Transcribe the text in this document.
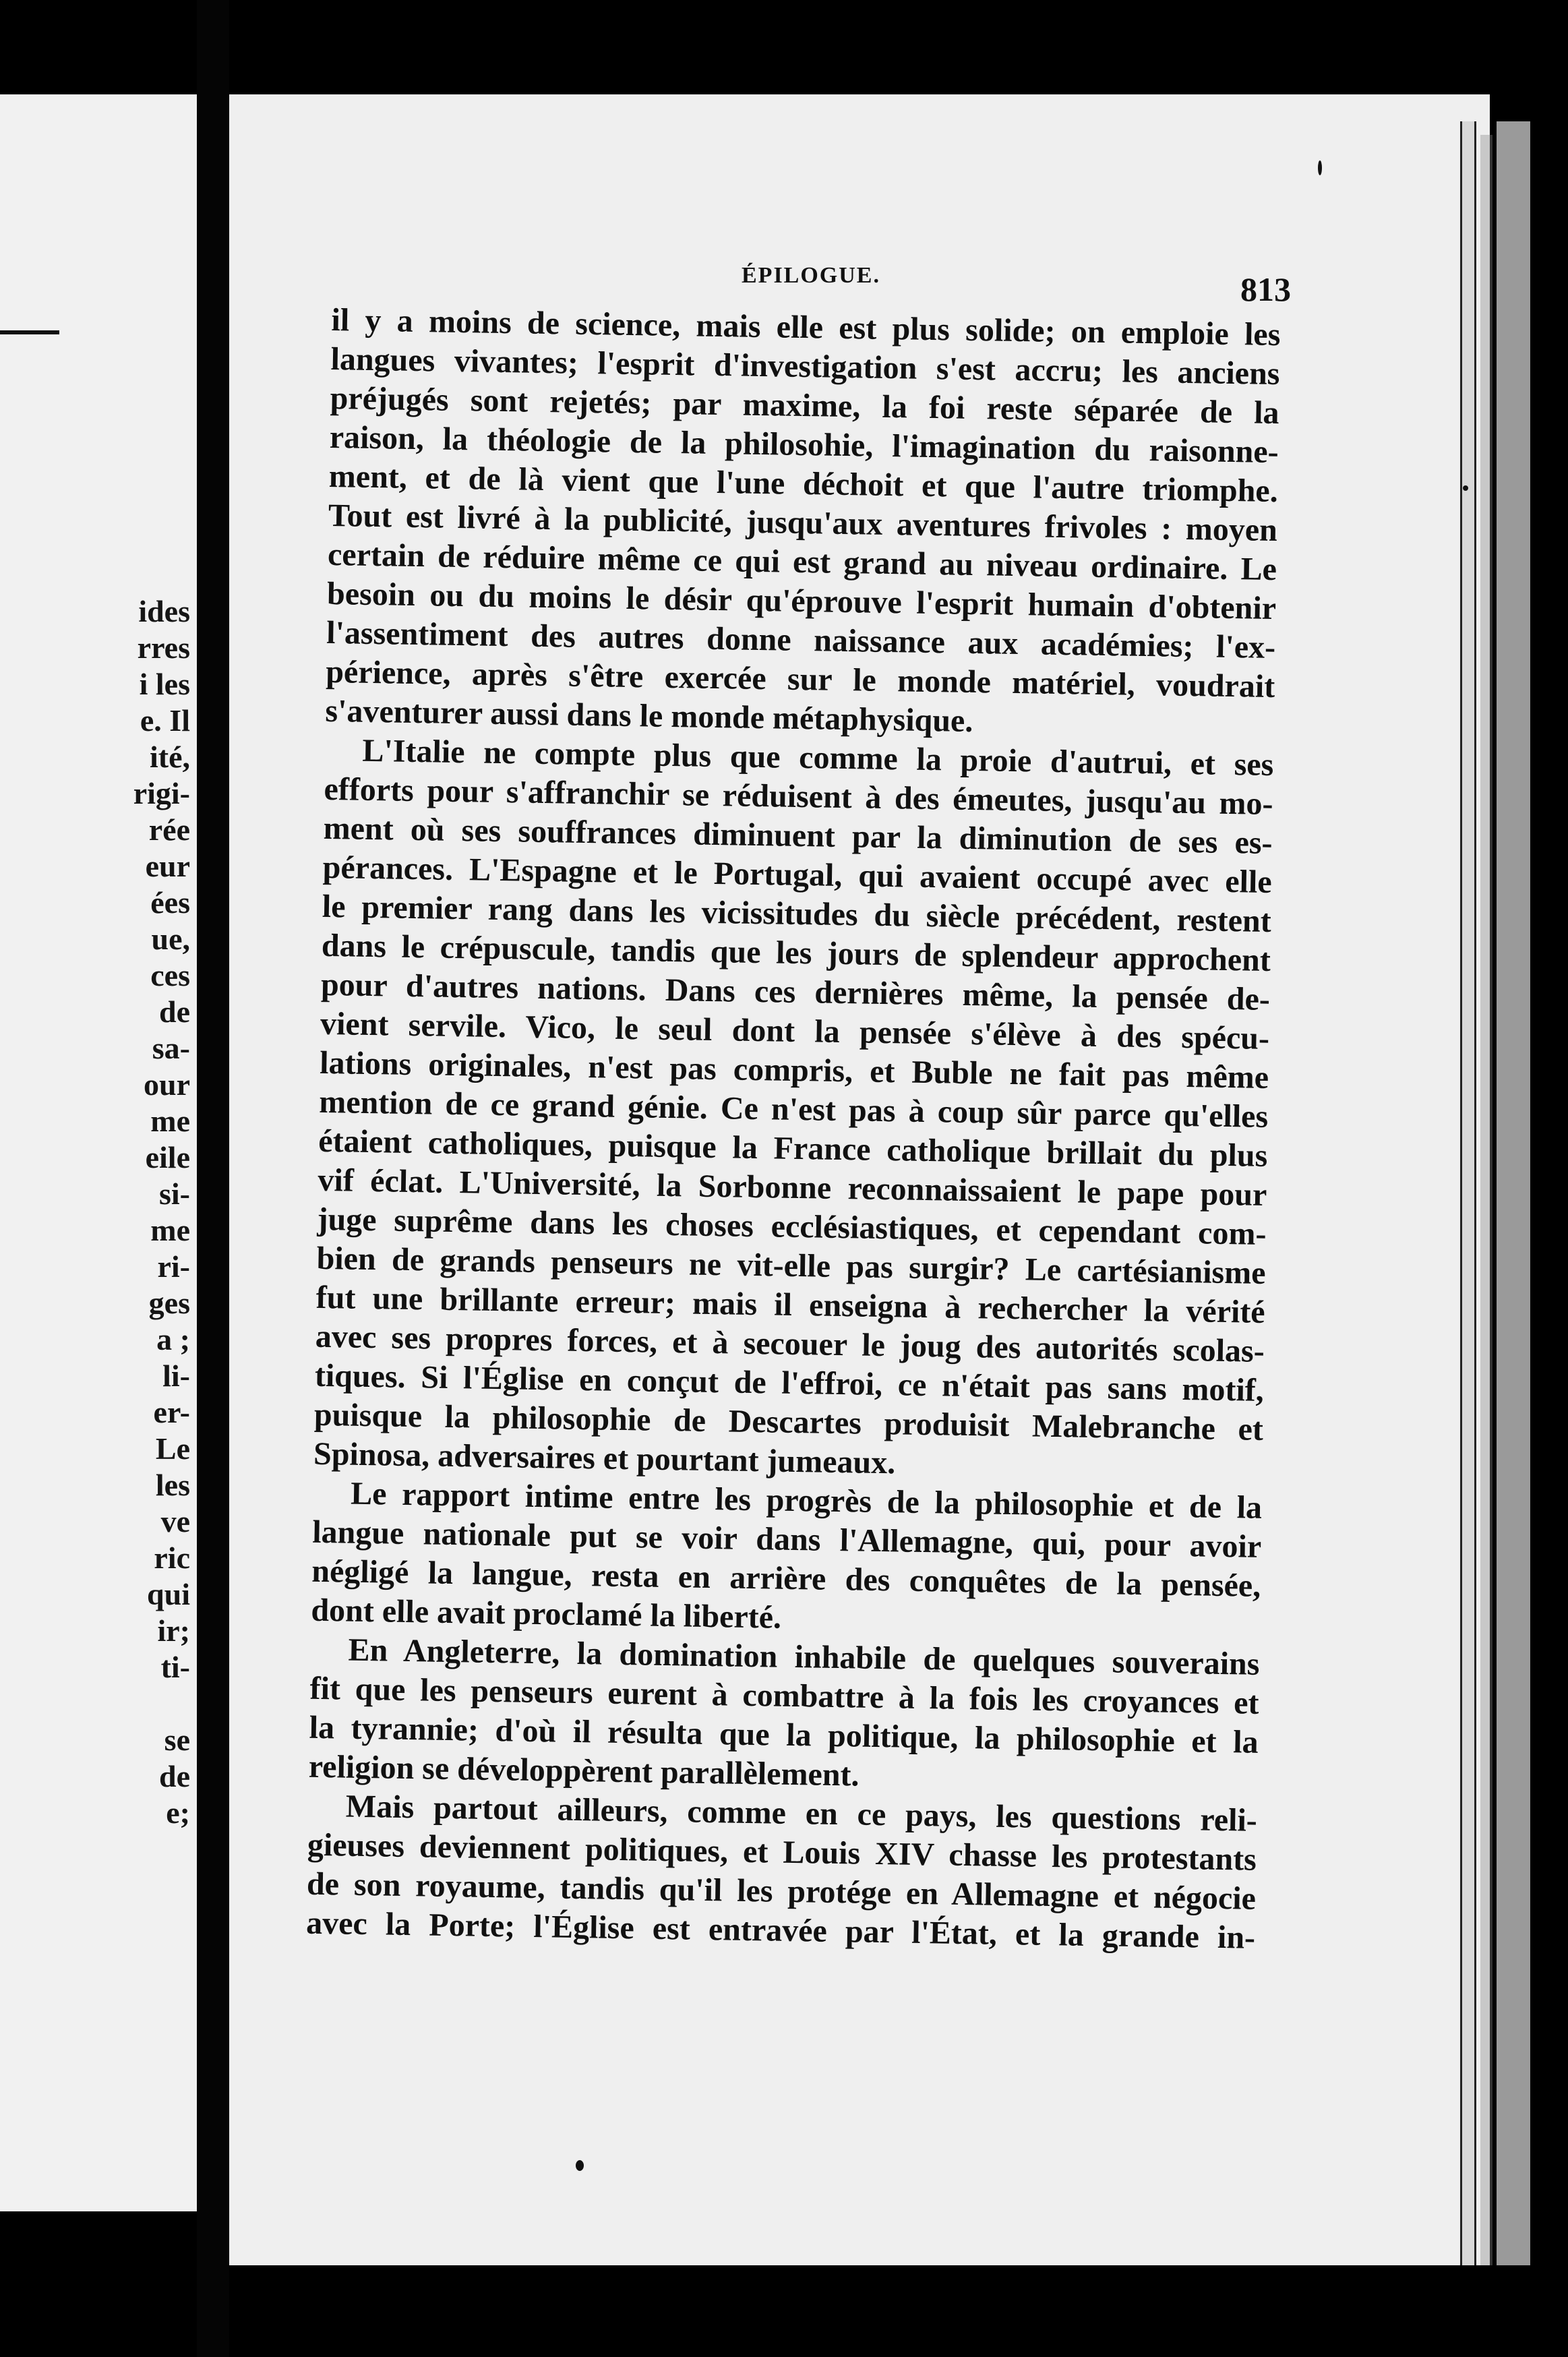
ides
rres
i les
e. Il
ité,
rigi-
rée
eur
ées
ue,
ces
de
sa-
our
me
eile
si-
me
ri-
ges
a ;
li-
er-
Le
les
ve
ric
qui
ir;
ti-
se
de
e;
ÉPILOGUE.	813
il y a moins de science, mais elle est plus solide; on emploie les
langues vivantes; l'esprit d'investigation s'est accru; les anciens
préjugés sont rejetés; par maxime, la foi reste séparée de la
raison, la théologie de la philosohie, l'imagination du raisonne-
ment, et de là vient que l'une déchoit et que l'autre triomphe.
Tout est livré à la publicité, jusqu'aux aventures frivoles : moyen
certain de réduire même ce qui est grand au niveau ordinaire. Le
besoin ou du moins le désir qu'éprouve l'esprit humain d'obtenir
l'assentiment des autres donne naissance aux académies; l'ex-
périence, après s'être exercée sur le monde matériel, voudrait
s'aventurer aussi dans le monde métaphysique.
L'Italie ne compte plus que comme la proie d'autrui, et ses
efforts pour s'affranchir se réduisent à des émeutes, jusqu'au mo-
ment où ses souffrances diminuent par la diminution de ses es-
pérances. L'Espagne et le Portugal, qui avaient occupé avec elle
le premier rang dans les vicissitudes du siècle précédent, restent
dans le crépuscule, tandis que les jours de splendeur approchent
pour d'autres nations. Dans ces dernières même, la pensée de-
vient servile. Vico, le seul dont la pensée s'élève à des spécu-
lations originales, n'est pas compris, et Buble ne fait pas même
mention de ce grand génie. Ce n'est pas à coup sûr parce qu'elles
étaient catholiques, puisque la France catholique brillait du plus
vif éclat. L'Université, la Sorbonne reconnaissaient le pape pour
juge suprême dans les choses ecclésiastiques, et cependant com-
bien de grands penseurs ne vit-elle pas surgir? Le cartésianisme
fut une brillante erreur; mais il enseigna à rechercher la vérité
avec ses propres forces, et à secouer le joug des autorités scolas-
tiques. Si l'Église en conçut de l'effroi, ce n'était pas sans motif,
puisque la philosophie de Descartes produisit Malebranche et
Spinosa, adversaires et pourtant jumeaux.
Le rapport intime entre les progrès de la philosophie et de la
langue nationale put se voir dans l'Allemagne, qui, pour avoir
négligé la langue, resta en arrière des conquêtes de la pensée,
dont elle avait proclamé la liberté.
En Angleterre, la domination inhabile de quelques souverains
fit que les penseurs eurent à combattre à la fois les croyances et
la tyrannie; d'où il résulta que la politique, la philosophie et la
religion se développèrent parallèlement.
Mais partout ailleurs, comme en ce pays, les questions reli-
gieuses deviennent politiques, et Louis XIV chasse les protestants
de son royaume, tandis qu'il les protége en Allemagne et négocie
avec la Porte; l'Église est entravée par l'État, et la grande in-
